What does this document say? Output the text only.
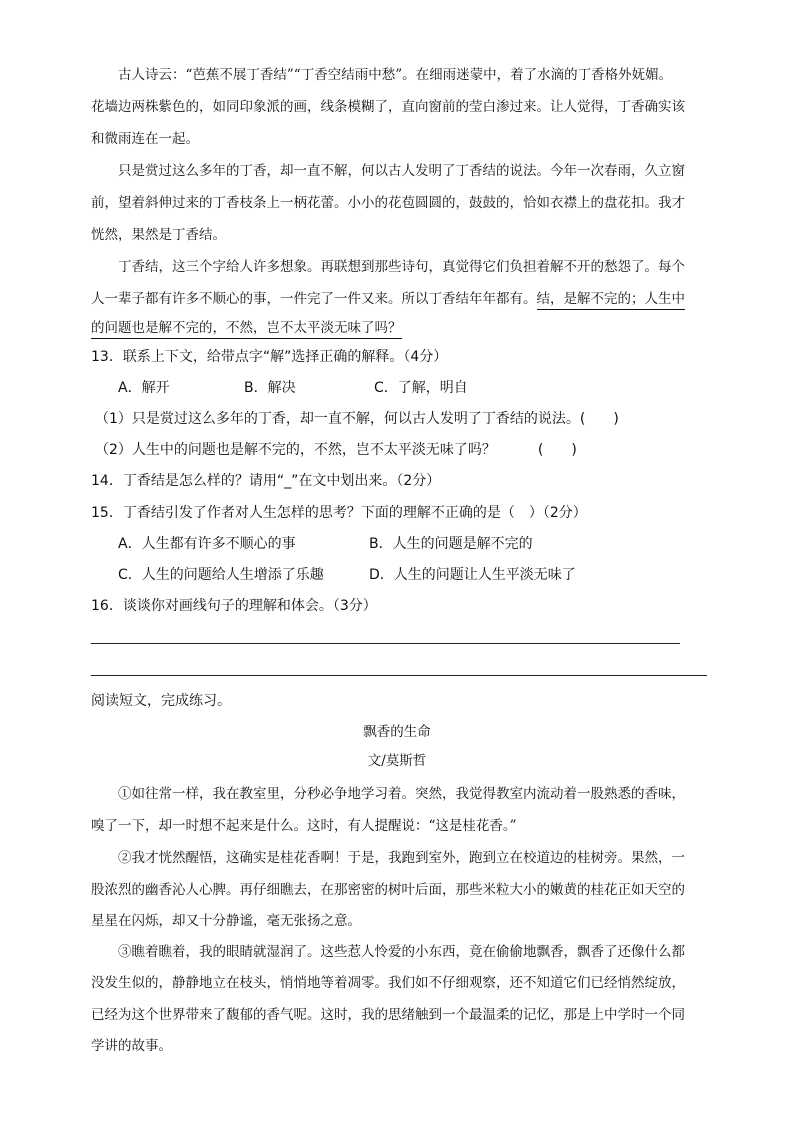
古人诗云：“芭蕉不展丁香结”“丁香空结雨中愁”。在细雨迷蒙中，着了水滴的丁香格外妩媚。
花墙边两株紫色的，如同印象派的画，线条模糊了，直向窗前的莹白渗过来。让人觉得，丁香确实该
和微雨连在一起。
只是赏过这么多年的丁香，却一直不解，何以古人发明了丁香结的说法。今年一次春雨，久立窗
前，望着斜伸过来的丁香枝条上一柄花蕾。小小的花苞圆圆的，鼓鼓的，恰如衣襟上的盘花扣。我才
恍然，果然是丁香结。
丁香结，这三个字给人许多想象。再联想到那些诗句，真觉得它们负担着解不开的愁怨了。每个
人一辈子都有许多不顺心的事，一件完了一件又来。所以丁香结年年都有。结，是解不完的；人生中
的问题也是解不完的，不然，岂不太平淡无味了吗？
13．联系上下文，给带点字“解”选择正确的解释。（4分）
A．解开	B．解决	C．了解，明自
（1）只是赏过这么多年的丁香，却一直不解，何以古人发明了丁香结的说法。(　　)
（2）人生中的问题也是解不完的，不然，岂不太平淡无味了吗？　　　(　　)
14．丁香结是怎么样的？请用“_”在文中划出来。（2分）
15．丁香结引发了作者对人生怎样的思考？下面的理解不正确的是（　）（2分）
A．人生都有许多不顺心的事	B．人生的问题是解不完的
C．人生的问题给人生增添了乐趣	D．人生的问题让人生平淡无味了
16．谈谈你对画线句子的理解和体会。（3分）
阅读短文，完成练习。
飘香的生命
文/莫斯哲
①如往常一样，我在教室里，分秒必争地学习着。突然，我觉得教室内流动着一股熟悉的香味，
嗅了一下，却一时想不起来是什么。这时，有人提醒说：“这是桂花香。”
②我才恍然醒悟，这确实是桂花香啊！于是，我跑到室外，跑到立在校道边的桂树旁。果然，一
股浓烈的幽香沁人心脾。再仔细瞧去，在那密密的树叶后面，那些米粒大小的嫩黄的桂花正如天空的
星星在闪烁，却又十分静谧，毫无张扬之意。
③瞧着瞧着，我的眼睛就湿润了。这些惹人怜爱的小东西，竟在偷偷地飘香，飘香了还像什么都
没发生似的，静静地立在枝头，悄悄地等着凋零。我们如不仔细观察，还不知道它们已经悄然绽放，
已经为这个世界带来了馥郁的香气呢。这时，我的思绪触到一个最温柔的记忆，那是上中学时一个同
学讲的故事。
